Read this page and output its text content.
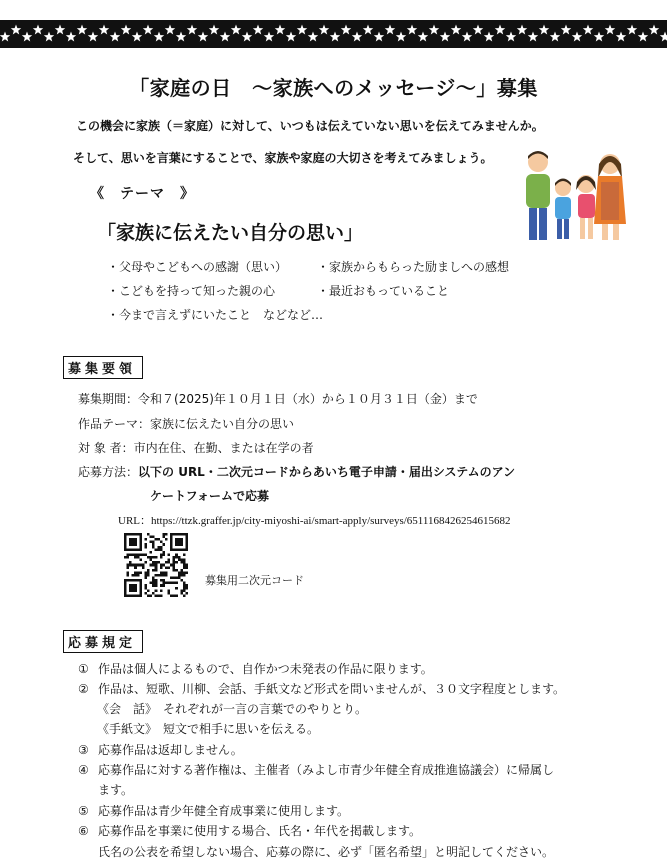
「家庭の日　～家族へのメッセージ～」募集
この機会に家族（＝家庭）に対して、いつもは伝えていない思いを伝えてみませんか。
そして、思いを言葉にすることで、家族や家庭の大切さを考えてみましょう。
《　テーマ　》
「家族に伝えたい自分の思い」
・父母やこどもへの感謝（思い） ・家族からもらった励ましへの感想
・こどもを持って知った親の心	・最近おもっていること
・今まで言えずにいたこと　などなど…
募集要領
募集期間：令和７(2025)年１０月１日（水）から１０月３１日（金）まで
作品テーマ：家族に伝えたい自分の思い
対 象 者：市内在住、在勤、または在学の者
応募方法：以下の URL・二次元コードからあいち電子申請・届出システムのアン
ケートフォームで応募
URL：https://ttzk.graffer.jp/city-miyoshi-ai/smart-apply/surveys/6511168426254615682
募集用二次元コード
応募規定
① 作品は個人によるもので、自作かつ未発表の作品に限ります。
② 作品は、短歌、川柳、会話、手紙文など形式を問いませんが、３０文字程度とします。
《会　話》　それぞれが一言の言葉でのやりとり。
《手紙文》　短文で相手に思いを伝える。
③ 応募作品は返却しません。
④ 応募作品に対する著作権は、主催者（みよし市青少年健全育成推進協議会）に帰属し
ます。
⑤ 応募作品は青少年健全育成事業に使用します。
⑥ 応募作品を事業に使用する場合、氏名・年代を掲載します。
氏名の公表を希望しない場合、応募の際に、必ず「匿名希望」と明記してください。
